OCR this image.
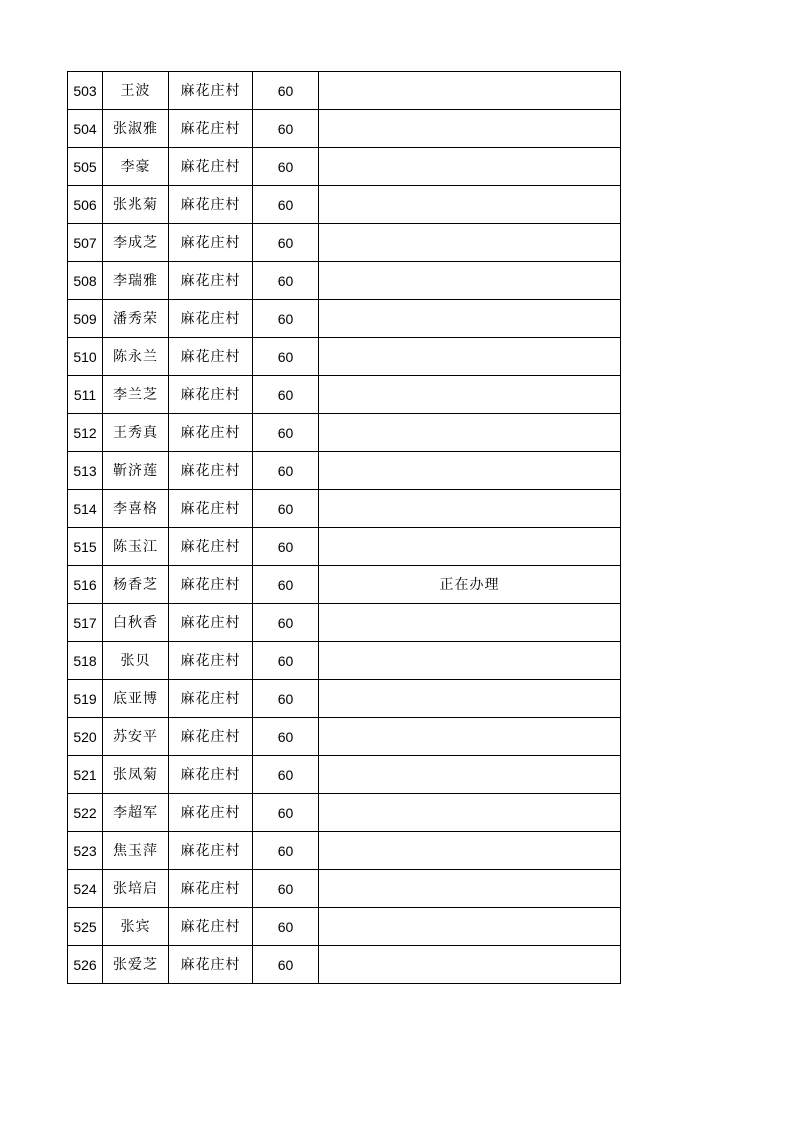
503	王波	麻花庄村	60	
504	张淑雅	麻花庄村	60	
505	李豪	麻花庄村	60	
506	张兆菊	麻花庄村	60	
507	李成芝	麻花庄村	60	
508	李瑞雅	麻花庄村	60	
509	潘秀荣	麻花庄村	60	
510	陈永兰	麻花庄村	60	
511	李兰芝	麻花庄村	60	
512	王秀真	麻花庄村	60	
513	靳济莲	麻花庄村	60	
514	李喜格	麻花庄村	60	
515	陈玉江	麻花庄村	60	
516	杨香芝	麻花庄村	60	正在办理
517	白秋香	麻花庄村	60	
518	张贝	麻花庄村	60	
519	底亚博	麻花庄村	60	
520	苏安平	麻花庄村	60	
521	张凤菊	麻花庄村	60	
522	李超军	麻花庄村	60	
523	焦玉萍	麻花庄村	60	
524	张培启	麻花庄村	60	
525	张宾	麻花庄村	60	
526	张爱芝	麻花庄村	60	
